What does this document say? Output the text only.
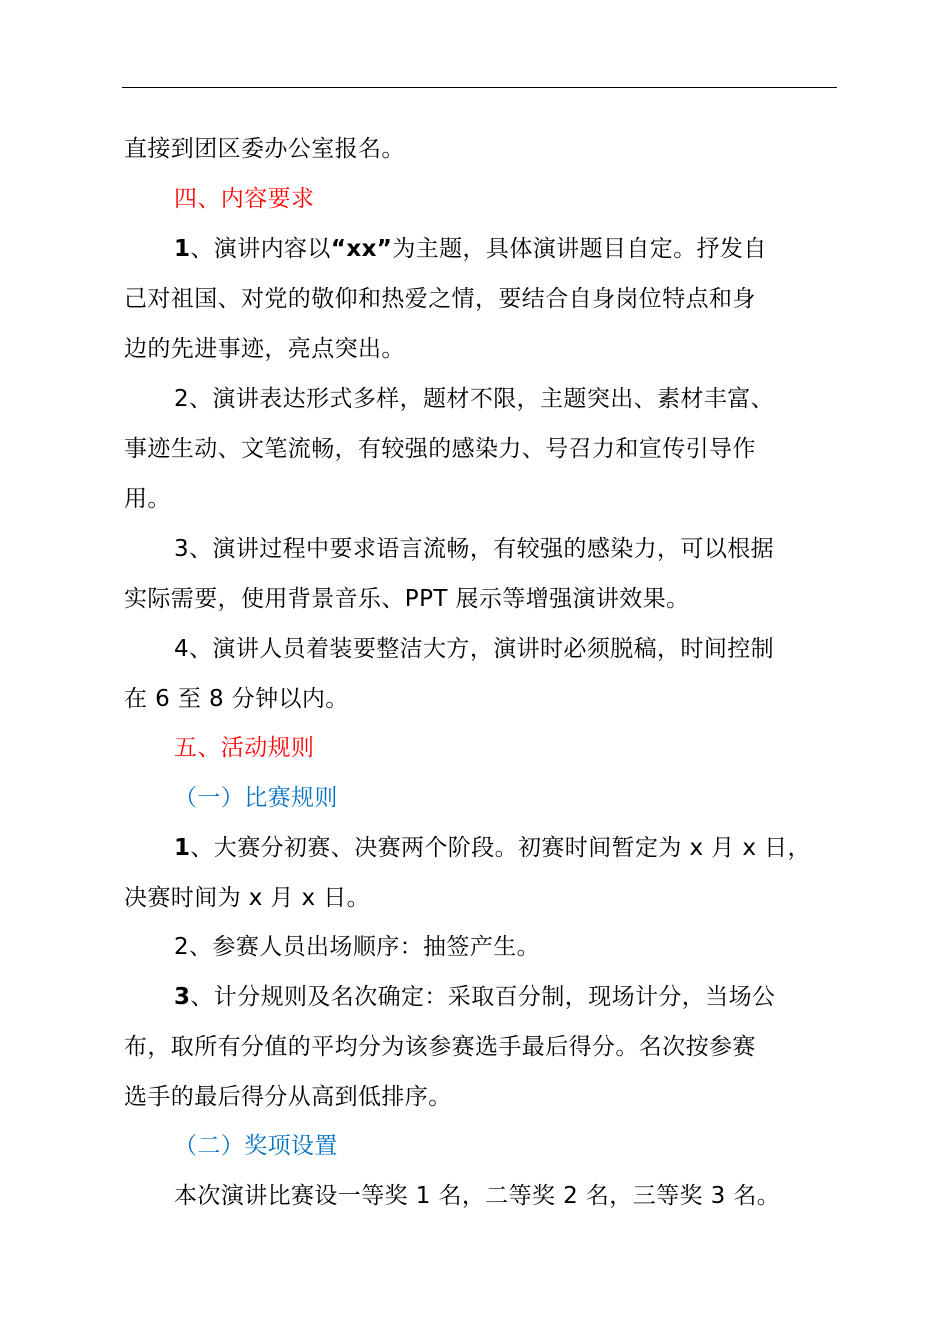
直接到团区委办公室报名。
四、内容要求
1、演讲内容以“xx”为主题，具体演讲题目自定。抒发自
己对祖国、对党的敬仰和热爱之情，要结合自身岗位特点和身
边的先进事迹，亮点突出。
2、演讲表达形式多样，题材不限，主题突出、素材丰富、
事迹生动、文笔流畅，有较强的感染力、号召力和宣传引导作
用。
3、演讲过程中要求语言流畅，有较强的感染力，可以根据
实际需要，使用背景音乐、PPT 展示等增强演讲效果。
4、演讲人员着装要整洁大方，演讲时必须脱稿，时间控制
在 6 至 8 分钟以内。
五、活动规则
（一）比赛规则
1、大赛分初赛、决赛两个阶段。初赛时间暂定为 x 月 x 日，
决赛时间为 x 月 x 日。
2、参赛人员出场顺序：抽签产生。
3、计分规则及名次确定：采取百分制，现场计分，当场公
布，取所有分值的平均分为该参赛选手最后得分。名次按参赛
选手的最后得分从高到低排序。
（二）奖项设置
本次演讲比赛设一等奖 1 名，二等奖 2 名，三等奖 3 名。
